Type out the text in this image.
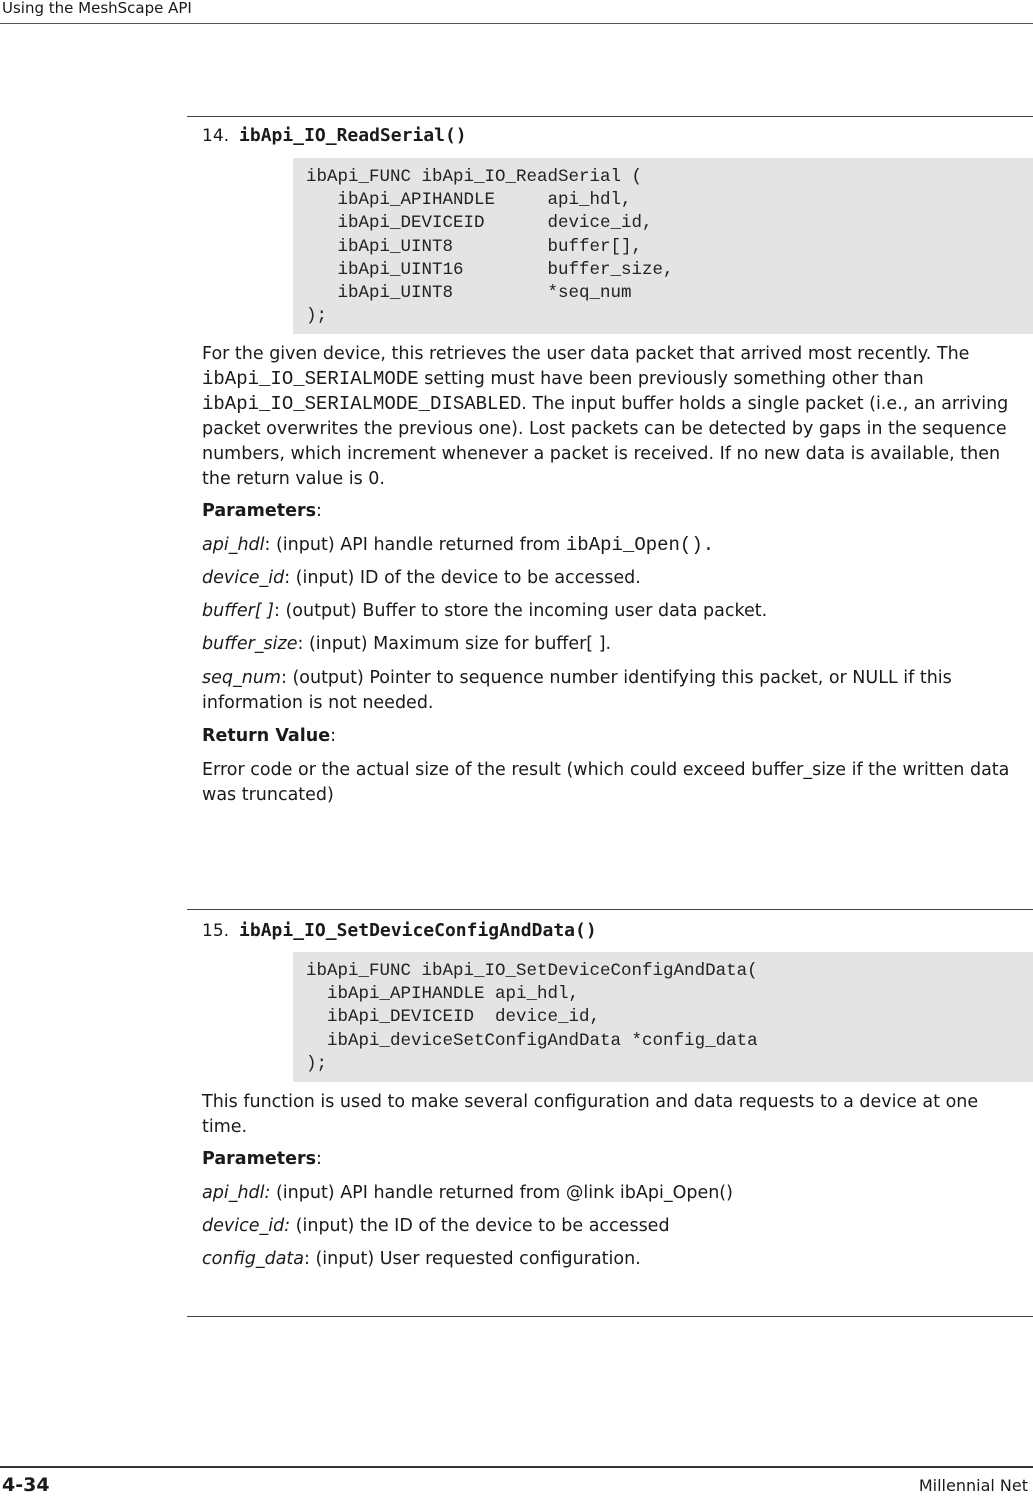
Using the MeshScape API
14. ibApi_IO_ReadSerial()
ibApi_FUNC ibApi_IO_ReadSerial (
ibApi_APIHANDLE     api_hdl,
ibApi_DEVICEID      device_id,
ibApi_UINT8         buffer[],
ibApi_UINT16        buffer_size,
ibApi_UINT8         *seq_num
);

For the given device, this retrieves the user data packet that arrived most recently. The ibApi_IO_SERIALMODE setting must have been previously something other than ibApi_IO_SERIALMODE_DISABLED. The input buffer holds a single packet (i.e., an arriving packet overwrites the previous one). Lost packets can be detected by gaps in the sequence numbers, which increment whenever a packet is received. If no new data is available, then the return value is 0.

Parameters:

api_hdl: (input) API handle returned from ibApi_Open().

device_id: (input) ID of the device to be accessed.

buffer[ ]: (output) Buffer to store the incoming user data packet.

buffer_size: (input) Maximum size for buffer[ ].

seq_num: (output) Pointer to sequence number identifying this packet, or NULL if this information is not needed.

Return Value:

Error code or the actual size of the result (which could exceed buffer_size if the written data was truncated)

15. ibApi_IO_SetDeviceConfigAndData()
ibApi_FUNC ibApi_IO_SetDeviceConfigAndData(
ibApi_APIHANDLE api_hdl,
ibApi_DEVICEID  device_id,
ibApi_deviceSetConfigAndData *config_data
);

This function is used to make several configuration and data requests to a device at one time.

Parameters:

api_hdl: (input) API handle returned from @link ibApi_Open()

device_id: (input) the ID of the device to be accessed

config_data: (input) User requested configuration.

4-34	Millennial Net
